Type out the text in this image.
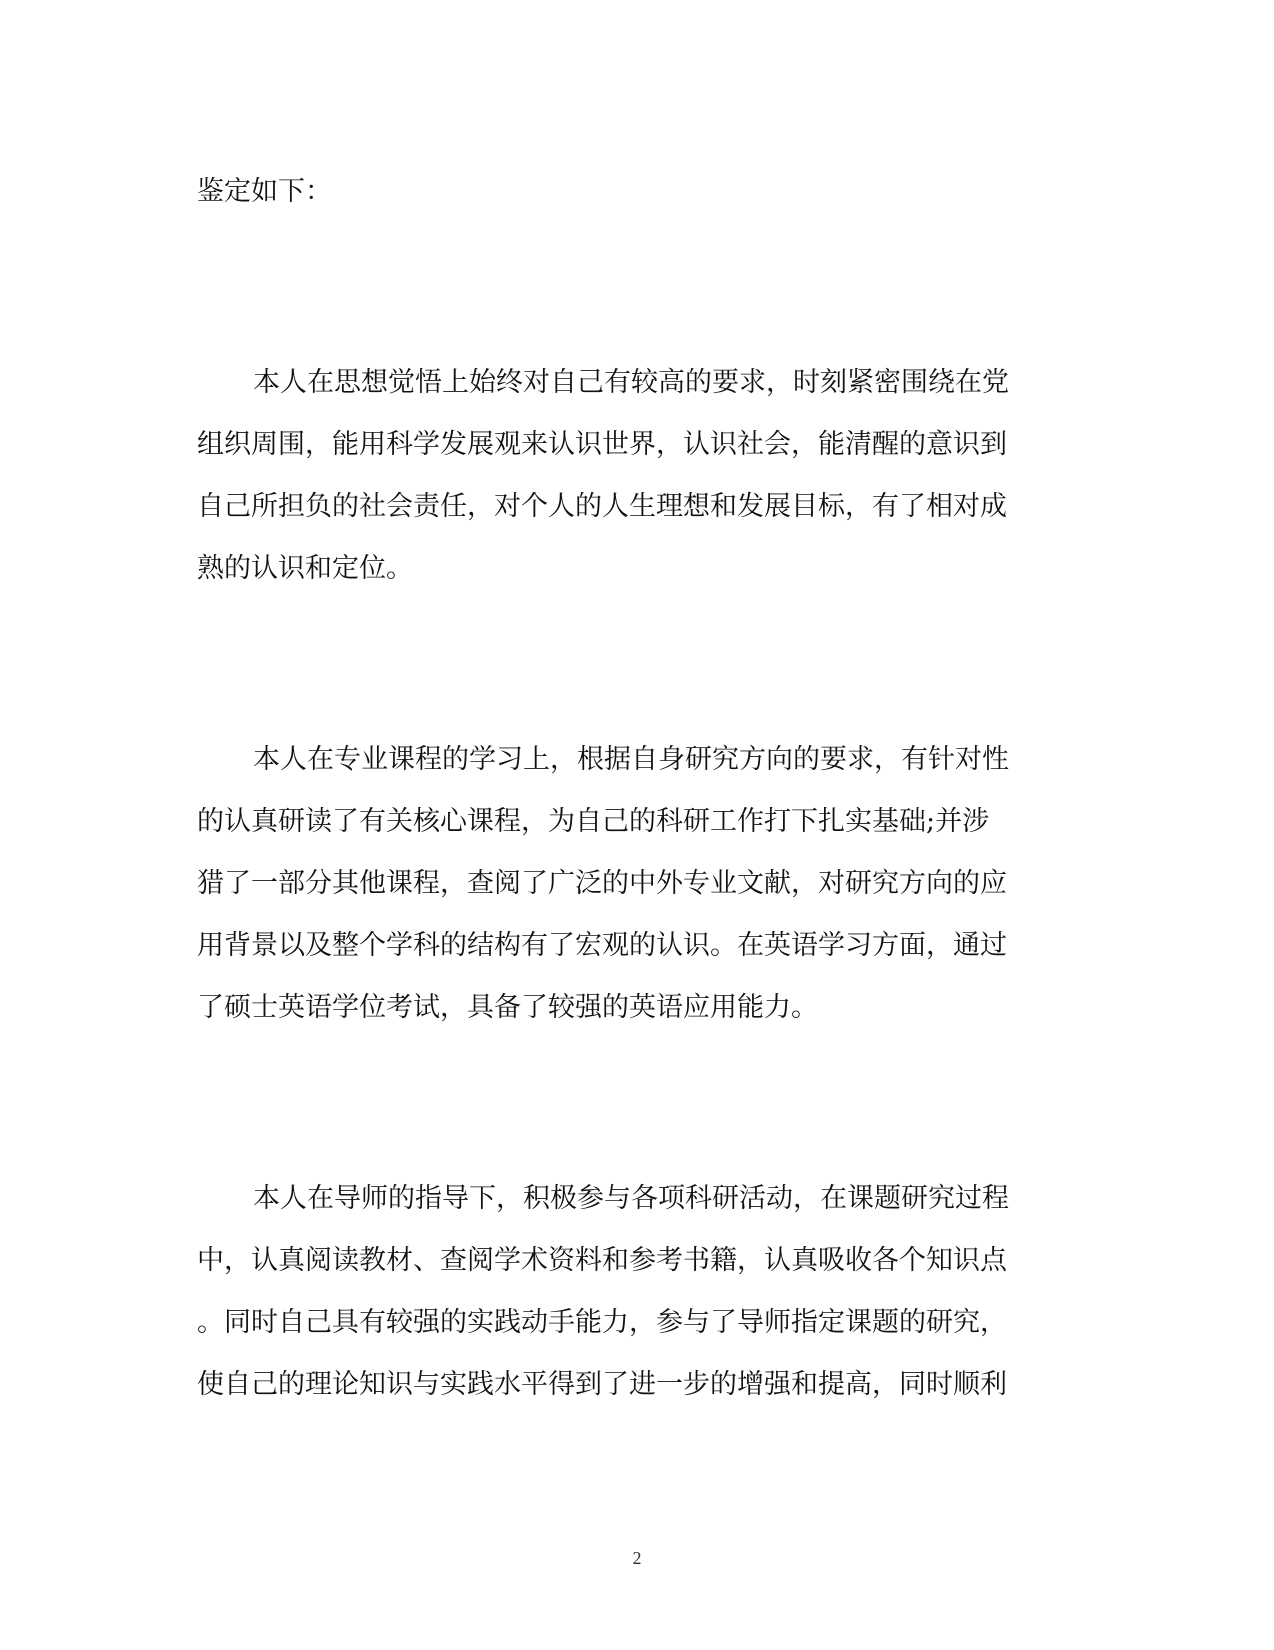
鉴定如下：
本人在思想觉悟上始终对自己有较高的要求，时刻紧密围绕在党
组织周围，能用科学发展观来认识世界，认识社会，能清醒的意识到
自己所担负的社会责任，对个人的人生理想和发展目标，有了相对成
熟的认识和定位。
本人在专业课程的学习上，根据自身研究方向的要求，有针对性
的认真研读了有关核心课程，为自己的科研工作打下扎实基础;并涉
猎了一部分其他课程，查阅了广泛的中外专业文献，对研究方向的应
用背景以及整个学科的结构有了宏观的认识。在英语学习方面，通过
了硕士英语学位考试，具备了较强的英语应用能力。
本人在导师的指导下，积极参与各项科研活动，在课题研究过程
中，认真阅读教材、查阅学术资料和参考书籍，认真吸收各个知识点
。同时自己具有较强的实践动手能力，参与了导师指定课题的研究，
使自己的理论知识与实践水平得到了进一步的增强和提高，同时顺利
2
